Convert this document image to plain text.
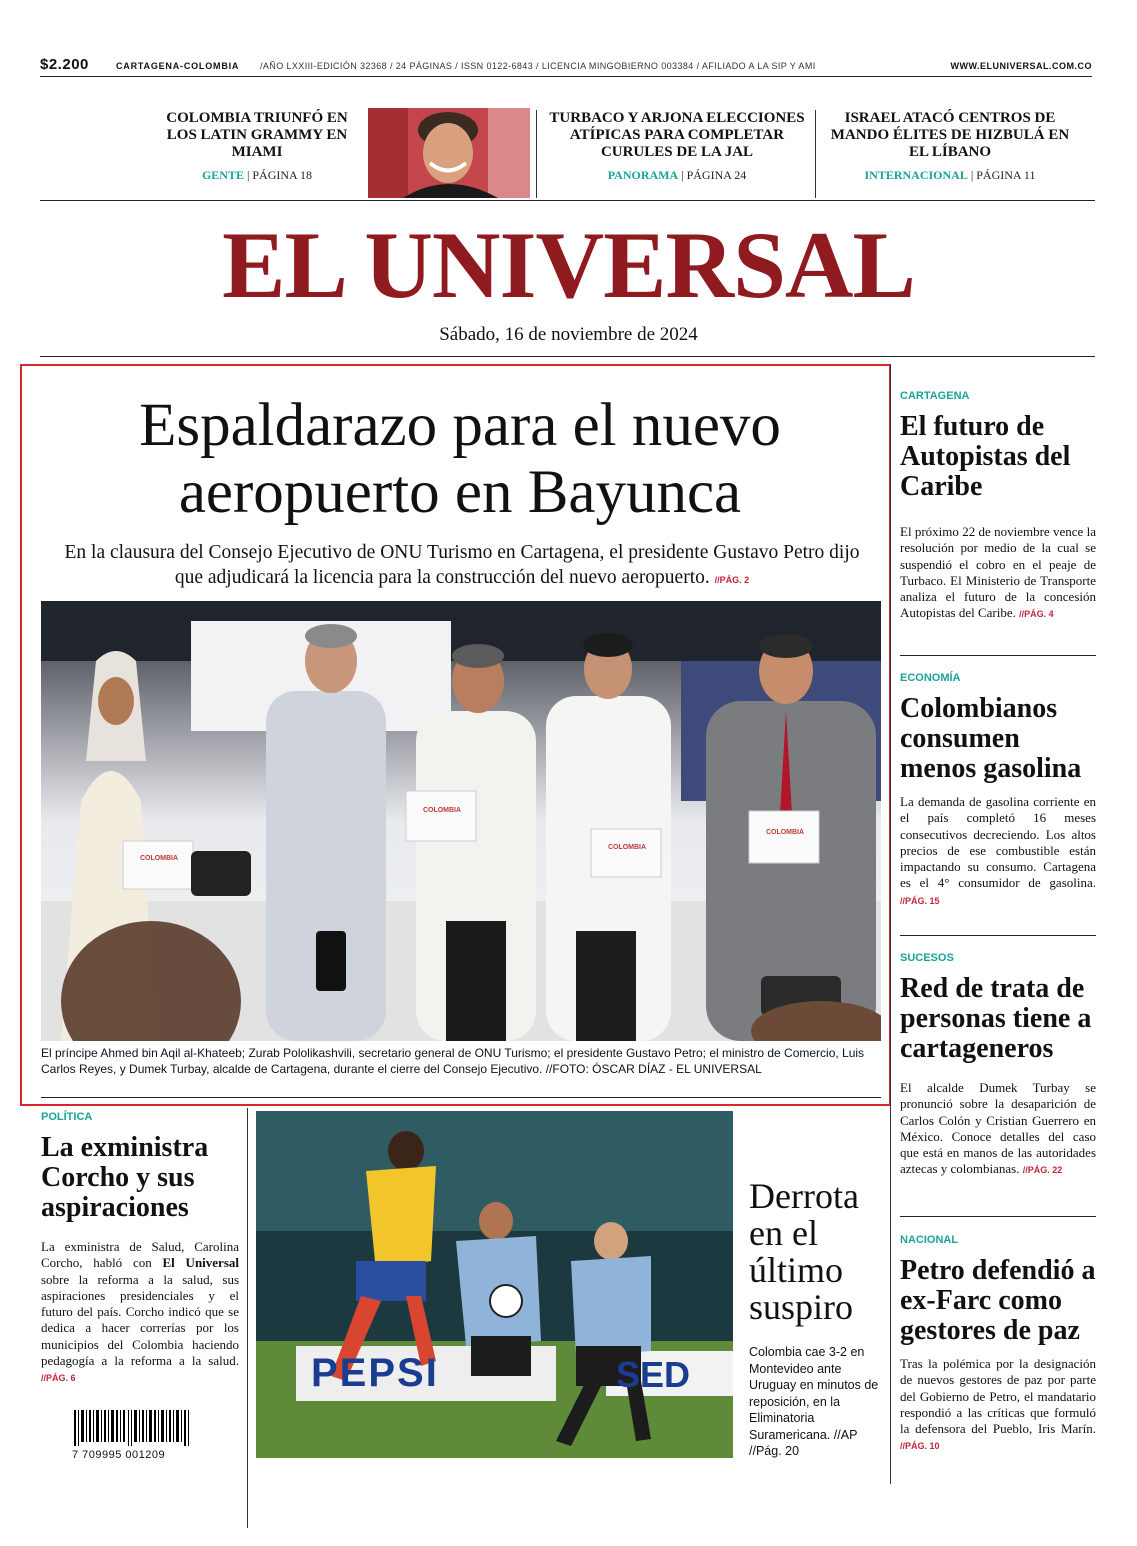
$2.200	CARTAGENA-COLOMBIA /AÑO LXXIII-EDICIÓN 32368 / 24 PÁGINAS / ISSN 0122-6843 / LICENCIA MINGOBIERNO 003384 / AFILIADO A LA SIP Y AMI	WWW.ELUNIVERSAL.COM.CO
COLOMBIA TRIUNFÓ EN LOS LATIN GRAMMY EN MIAMI
GENTE | PÁGINA 18
TURBACO Y ARJONA ELECCIONES ATÍPICAS PARA COMPLETAR CURULES DE LA JAL
PANORAMA | PÁGINA 24
ISRAEL ATACÓ CENTROS DE MANDO ÉLITES DE HIZBULÁ EN EL LÍBANO
INTERNACIONAL | PÁGINA 11
EL UNIVERSAL
Sábado, 16 de noviembre de 2024
Espaldarazo para el nuevo
aeropuerto en Bayunca
En la clausura del Consejo Ejecutivo de ONU Turismo en Cartagena, el presidente Gustavo Petro dijo que adjudicará la licencia para la construcción del nuevo aeropuerto. //PÁG. 2
COLOMBIA
COLOMBIA
COLOMBIA
COLOMBIA
El príncipe Ahmed bin Aqil al-Khateeb; Zurab Pololikashvili, secretario general de ONU Turismo; el presidente Gustavo Petro; el ministro de Comercio, Luis Carlos Reyes, y Dumek Turbay, alcalde de Cartagena, durante el cierre del Consejo Ejecutivo. //FOTO: ÓSCAR DÍAZ - EL UNIVERSAL
CARTAGENA
El futuro de Autopistas del Caribe
El próximo 22 de noviembre vence la resolución por medio de la cual se suspendió el cobro en el peaje de Turbaco. El Ministerio de Transporte analiza el futuro de la concesión Autopistas del Caribe. //PÁG. 4
ECONOMÍA
Colombianos consumen menos gasolina
La demanda de gasolina corriente en el país completó 16 meses consecutivos decreciendo. Los altos precios de ese combustible están impactando su consumo. Cartagena es el 4° consumidor de gasolina. //PÁG. 15
SUCESOS
Red de trata de personas tiene a cartageneros
El alcalde Dumek Turbay se pronunció sobre la desaparición de Carlos Colón y Cristian Guerrero en México. Conoce detalles del caso que está en manos de las autoridades aztecas y colombianas. //PÁG. 22
NACIONAL
Petro defendió a ex-Farc como gestores de paz
Tras la polémica por la designación de nuevos gestores de paz por parte del Gobierno de Petro, el mandatario respondió a las críticas que formuló la defensora del Pueblo, Iris Marín. //PÁG. 10
POLÍTICA
La exministra Corcho y sus aspiraciones
La exministra de Salud, Carolina Corcho, habló con El Universal sobre la reforma a la salud, sus aspiraciones presidenciales y el futuro del país. Corcho indicó que se dedica a hacer correrías por los municipios del Colombia haciendo pedagogía a la reforma a la salud. //PÁG. 6
7 709995 001209
PEPSI	SED
Derrota en el último suspiro
Colombia cae 3-2 en Montevideo ante Uruguay en minutos de reposición, en la Eliminatoria Suramericana. //AP
//Pág. 20
